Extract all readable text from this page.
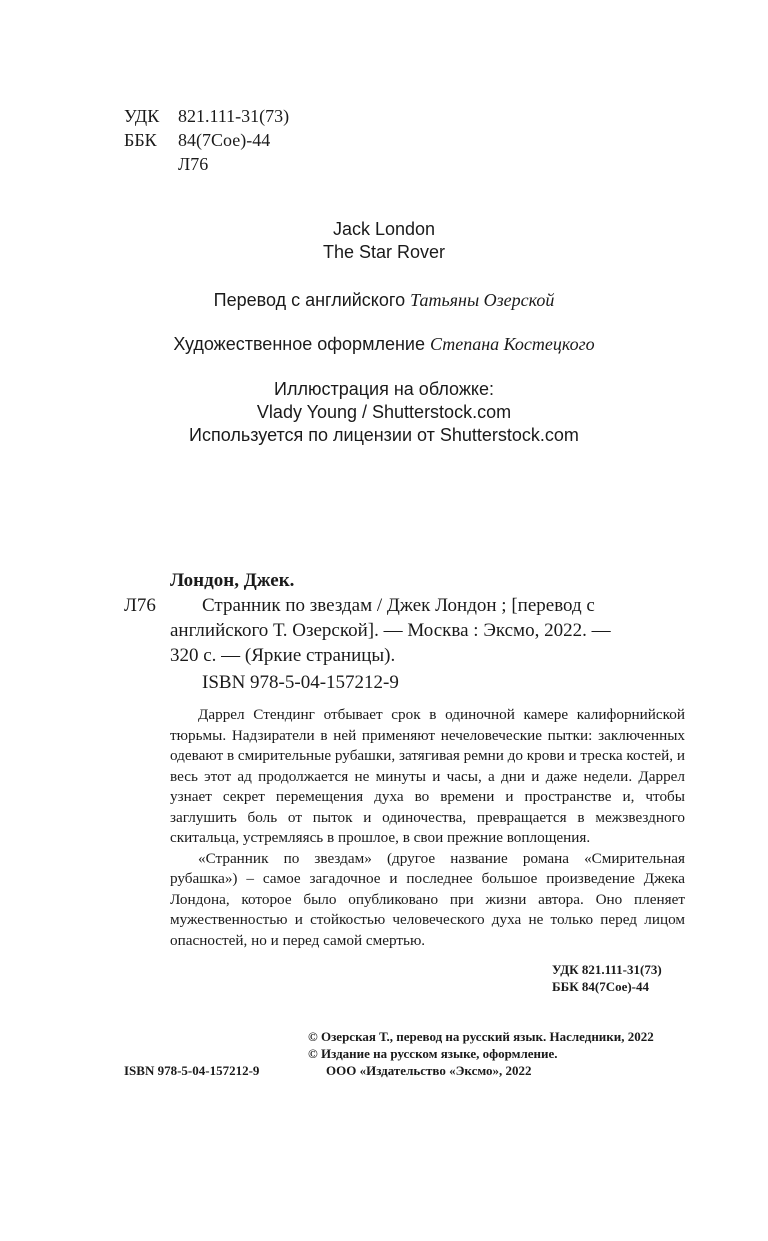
УДК 821.111-31(73)
ББК 84(7Сое)-44
Л76
Jack London
The Star Rover
Перевод с английского Татьяны Озерской
Художественное оформление Степана Костецкого
Иллюстрация на обложке:
Vlady Young / Shutterstock.com
Используется по лицензии от Shutterstock.com
Лондон, Джек.
Л76 Странник по звездам / Джек Лондон ; [перевод с
английского Т. Озерской]. — Москва : Эксмо, 2022. —
320 с. — (Яркие страницы).
ISBN 978-5-04-157212-9

Даррел Стендинг отбывает срок в одиночной камере калифорнийской тюрьмы. Надзиратели в ней применяют нечеловеческие пытки: заключенных одевают в смирительные рубашки, затягивая ремни до крови и треска костей, и весь этот ад продолжается не минуты и часы, а дни и даже недели. Даррел узнает секрет перемещения духа во времени и пространстве и, чтобы заглушить боль от пыток и одиночества, превращается в межзвездного скитальца, устремляясь в прошлое, в свои прежние воплощения.

«Странник по звездам» (другое название романа «Смирительная рубашка») – самое загадочное и последнее большое произведение Джека Лондона, которое было опубликовано при жизни автора. Оно пленяет мужественностью и стойкостью человеческого духа не только перед лицом опасностей, но и перед самой смертью.

УДК 821.111-31(73)
ББК 84(7Сое)-44
© Озерская Т., перевод на русский язык. Наследники, 2022
© Издание на русском языке, оформление.
ISBN 978-5-04-157212-9	ООО «Издательство «Эксмо», 2022
